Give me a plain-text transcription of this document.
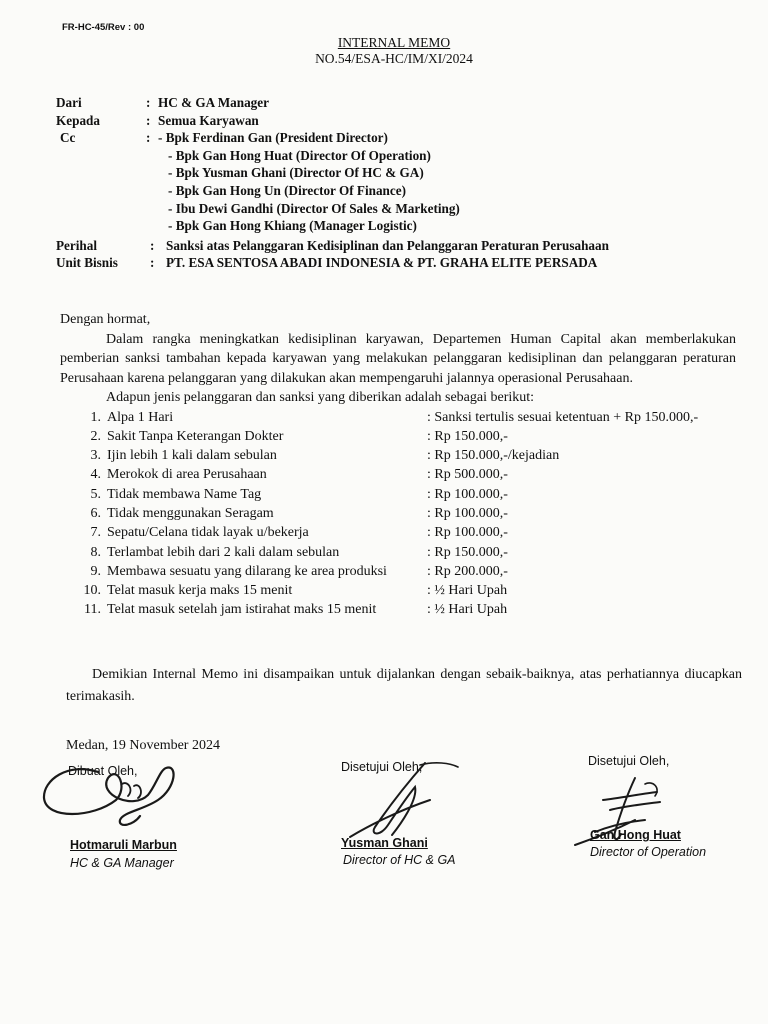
FR-HC-45/Rev : 00
INTERNAL MEMO
NO.54/ESA-HC/IM/XI/2024
Dari	: HC & GA Manager
Kepada	: Semua Karyawan
Cc	: - Bpk Ferdinan Gan (President Director)
- Bpk Gan Hong Huat (Director Of Operation)
- Bpk Yusman Ghani (Director Of HC & GA)
- Bpk Gan Hong Un (Director Of Finance)
- Ibu Dewi Gandhi (Director Of Sales & Marketing)
- Bpk Gan Hong Khiang (Manager Logistic)
Perihal	: Sanksi atas Pelanggaran Kedisiplinan dan Pelanggaran Peraturan Perusahaan
Unit Bisnis	: PT. ESA SENTOSA ABADI INDONESIA & PT. GRAHA ELITE PERSADA

Dengan hormat,

Dalam rangka meningkatkan kedisiplinan karyawan, Departemen Human Capital akan memberlakukan pemberian sanksi tambahan kepada karyawan yang melakukan pelanggaran kedisiplinan dan pelanggaran peraturan Perusahaan karena pelanggaran yang dilakukan akan mempengaruhi jalannya operasional Perusahaan.

Adapun jenis pelanggaran dan sanksi yang diberikan adalah sebagai berikut:

1. Alpa 1 Hari	: Sanksi tertulis sesuai ketentuan + Rp 150.000,-
2. Sakit Tanpa Keterangan Dokter	: Rp 150.000,-
3. Ijin lebih 1 kali dalam sebulan	: Rp 150.000,-/kejadian
4. Merokok di area Perusahaan	: Rp 500.000,-
5. Tidak membawa Name Tag	: Rp 100.000,-
6. Tidak menggunakan Seragam	: Rp 100.000,-
7. Sepatu/Celana tidak layak u/bekerja	: Rp 100.000,-
8. Terlambat lebih dari 2 kali dalam sebulan	: Rp 150.000,-
9. Membawa sesuatu yang dilarang ke area produksi	: Rp 200.000,-
10. Telat masuk kerja maks 15 menit	: ½ Hari Upah
11. Telat masuk setelah jam istirahat maks 15 menit	: ½ Hari Upah
Demikian Internal Memo ini disampaikan untuk dijalankan dengan sebaik-baiknya, atas perhatiannya diucapkan terimakasih.
Medan, 19 November 2024
Dibuat Oleh,
Hotmaruli Marbun
HC & GA Manager
Disetujui Oleh,
Yusman Ghani
Director of HC & GA
Disetujui Oleh,
Gan Hong Huat
Director of Operation
